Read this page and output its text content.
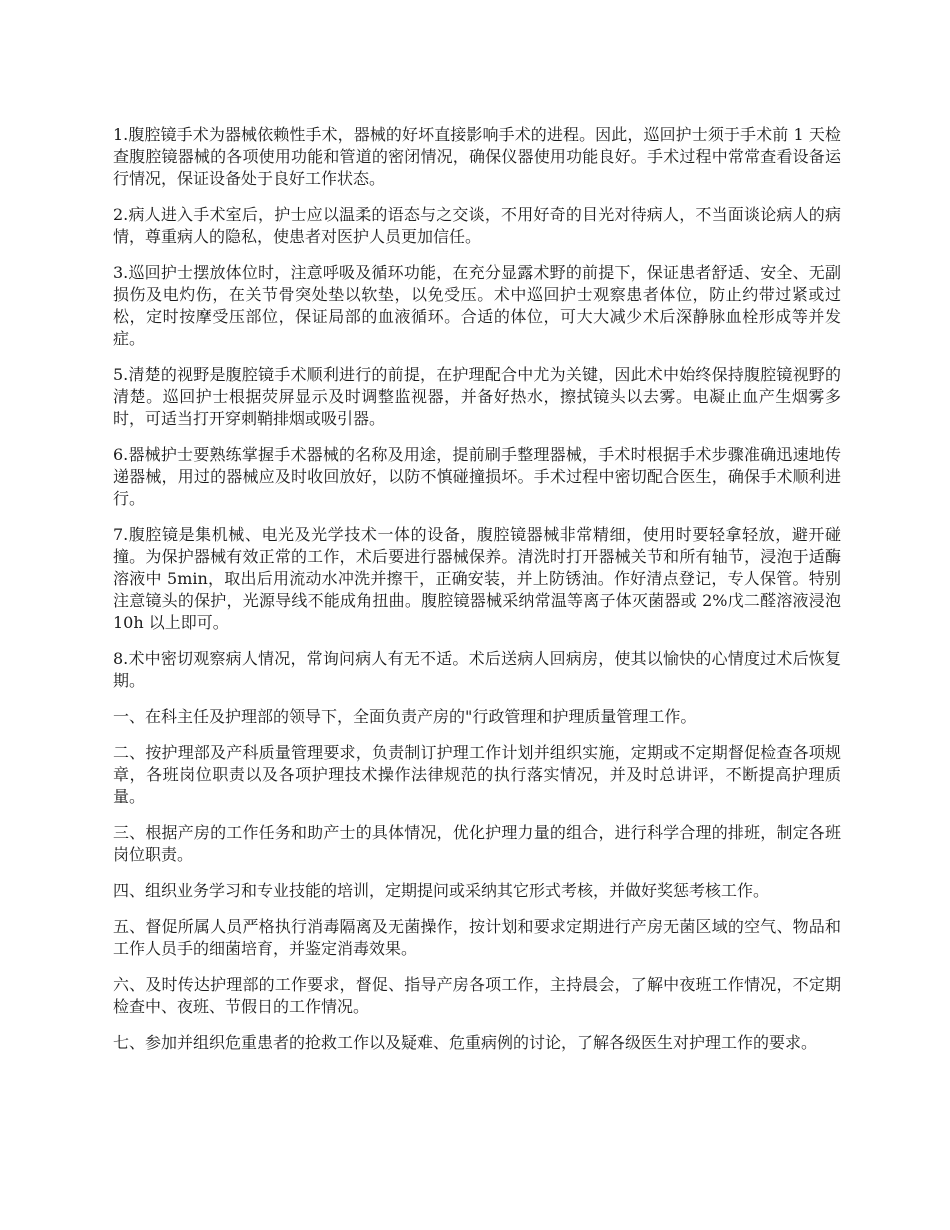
1.腹腔镜手术为器械依赖性手术，器械的好坏直接影响手术的进程。因此，巡回护士须于手术前 1 天检查腹腔镜器械的各项使用功能和管道的密闭情况，确保仪器使用功能良好。手术过程中常常查看设备运行情况，保证设备处于良好工作状态。

2.病人进入手术室后，护士应以温柔的语态与之交谈，不用好奇的目光对待病人，不当面谈论病人的病情，尊重病人的隐私，使患者对医护人员更加信任。

3.巡回护士摆放体位时，注意呼吸及循环功能，在充分显露术野的前提下，保证患者舒适、安全、无副损伤及电灼伤，在关节骨突处垫以软垫，以免受压。术中巡回护士观察患者体位，防止约带过紧或过松，定时按摩受压部位，保证局部的血液循环。合适的体位，可大大减少术后深静脉血栓形成等并发症。

5.清楚的视野是腹腔镜手术顺利进行的前提，在护理配合中尤为关键，因此术中始终保持腹腔镜视野的清楚。巡回护士根据荧屏显示及时调整监视器，并备好热水，擦拭镜头以去雾。电凝止血产生烟雾多时，可适当打开穿刺鞘排烟或吸引器。

6.器械护士要熟练掌握手术器械的名称及用途，提前刷手整理器械，手术时根据手术步骤准确迅速地传递器械，用过的器械应及时收回放好，以防不慎碰撞损坏。手术过程中密切配合医生，确保手术顺利进行。

7.腹腔镜是集机械、电光及光学技术一体的设备，腹腔镜器械非常精细，使用时要轻拿轻放，避开碰撞。为保护器械有效正常的工作，术后要进行器械保养。清洗时打开器械关节和所有轴节，浸泡于适酶溶液中 5min，取出后用流动水冲洗并擦干，正确安装，并上防锈油。作好清点登记，专人保管。特别注意镜头的保护，光源导线不能成角扭曲。腹腔镜器械采纳常温等离子体灭菌器或 2%戊二醛溶液浸泡 10h 以上即可。

8.术中密切观察病人情况，常询问病人有无不适。术后送病人回病房，使其以愉快的心情度过术后恢复期。

一、在科主任及护理部的领导下，全面负责产房的"行政管理和护理质量管理工作。

二、按护理部及产科质量管理要求，负责制订护理工作计划并组织实施，定期或不定期督促检查各项规章，各班岗位职责以及各项护理技术操作法律规范的执行落实情况，并及时总讲评，不断提高护理质量。

三、根据产房的工作任务和助产士的具体情况，优化护理力量的组合，进行科学合理的排班，制定各班岗位职责。

四、组织业务学习和专业技能的培训，定期提问或采纳其它形式考核，并做好奖惩考核工作。

五、督促所属人员严格执行消毒隔离及无菌操作，按计划和要求定期进行产房无菌区域的空气、物品和工作人员手的细菌培育，并鉴定消毒效果。

六、及时传达护理部的工作要求，督促、指导产房各项工作，主持晨会，了解中夜班工作情况，不定期检查中、夜班、节假日的工作情况。

七、参加并组织危重患者的抢救工作以及疑难、危重病例的讨论，了解各级医生对护理工作的要求。
